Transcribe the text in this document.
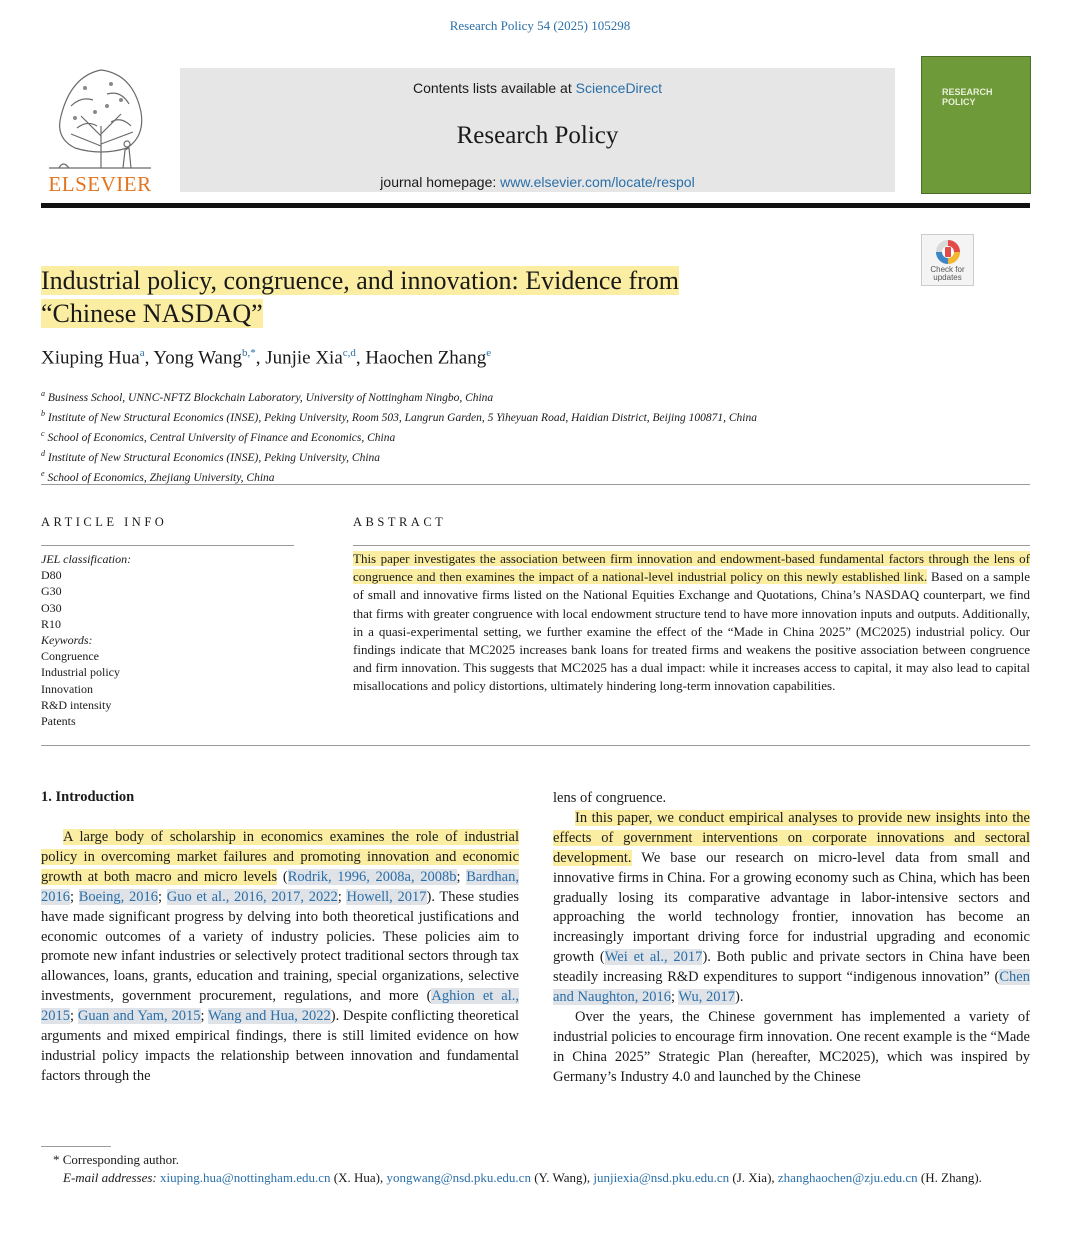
Research Policy 54 (2025) 105298
ELSEVIER
Contents lists available at ScienceDirect
Research Policy
journal homepage: www.elsevier.com/locate/respol
RESEARCH POLICY
Check for updates
Industrial policy, congruence, and innovation: Evidence from
“Chinese NASDAQ”
Xiuping Hua$^a$, Yong Wang$^{b,*}$, Junjie Xia$^{c,d}$, Haochen Zhang$^e$
$^a$ Business School, UNNC-NFTZ Blockchain Laboratory, University of Nottingham Ningbo, China
$^b$ Institute of New Structural Economics (INSE), Peking University, Room 503, Langrun Garden, 5 Yiheyuan Road, Haidian District, Beijing 100871, China
$^c$ School of Economics, Central University of Finance and Economics, China
$^d$ Institute of New Structural Economics (INSE), Peking University, China
$^e$ School of Economics, Zhejiang University, China
ARTICLE INFO	ABSTRACT
JEL classification:
D80
G30
O30
R10
Keywords:
Congruence
Industrial policy
Innovation
R&D intensity
Patents
This paper investigates the association between firm innovation and endowment-based fundamental factors through the lens of congruence and then examines the impact of a national-level industrial policy on this newly established link. Based on a sample of small and innovative firms listed on the National Equities Exchange and Quotations, China’s NASDAQ counterpart, we find that firms with greater congruence with local endowment structure tend to have more innovation inputs and outputs. Additionally, in a quasi-experimental setting, we further examine the effect of the “Made in China 2025” (MC2025) industrial policy. Our findings indicate that MC2025 increases bank loans for treated firms and weakens the positive association between congruence and firm innovation. This suggests that MC2025 has a dual impact: while it increases access to capital, it may also lead to capital misallocations and policy distortions, ultimately hindering long-term innovation capabilities.
1. Introduction

A large body of scholarship in economics examines the role of industrial policy in overcoming market failures and promoting innovation and economic growth at both macro and micro levels (Rodrik, 1996, 2008a, 2008b; Bardhan, 2016; Boeing, 2016; Guo et al., 2016, 2017, 2022; Howell, 2017). These studies have made significant progress by delving into both theoretical justifications and economic outcomes of a variety of industry policies. These policies aim to promote new infant industries or selectively protect traditional sectors through tax allowances, loans, grants, education and training, special organizations, selective investments, government procurement, regulations, and more (Aghion et al., 2015; Guan and Yam, 2015; Wang and Hua, 2022). Despite conflicting theoretical arguments and mixed empirical findings, there is still limited evidence on how industrial policy impacts the relationship between innovation and fundamental factors through the

lens of congruence.

In this paper, we conduct empirical analyses to provide new insights into the effects of government interventions on corporate innovations and sectoral development. We base our research on micro-level data from small and innovative firms in China. For a growing economy such as China, which has been gradually losing its comparative advantage in labor-intensive sectors and approaching the world technology frontier, innovation has become an increasingly important driving force for industrial upgrading and economic growth (Wei et al., 2017). Both public and private sectors in China have been steadily increasing R&D expenditures to support “indigenous innovation” (Chen and Naughton, 2016; Wu, 2017).

Over the years, the Chinese government has implemented a variety of industrial policies to encourage firm innovation. One recent example is the “Made in China 2025” Strategic Plan (hereafter, MC2025), which was inspired by Germany’s Industry 4.0 and launched by the Chinese

* Corresponding author.
E-mail addresses: xiuping.hua@nottingham.edu.cn (X. Hua), yongwang@nsd.pku.edu.cn (Y. Wang), junjiexia@nsd.pku.edu.cn (J. Xia), zhanghaochen@zju.edu.cn (H. Zhang).
